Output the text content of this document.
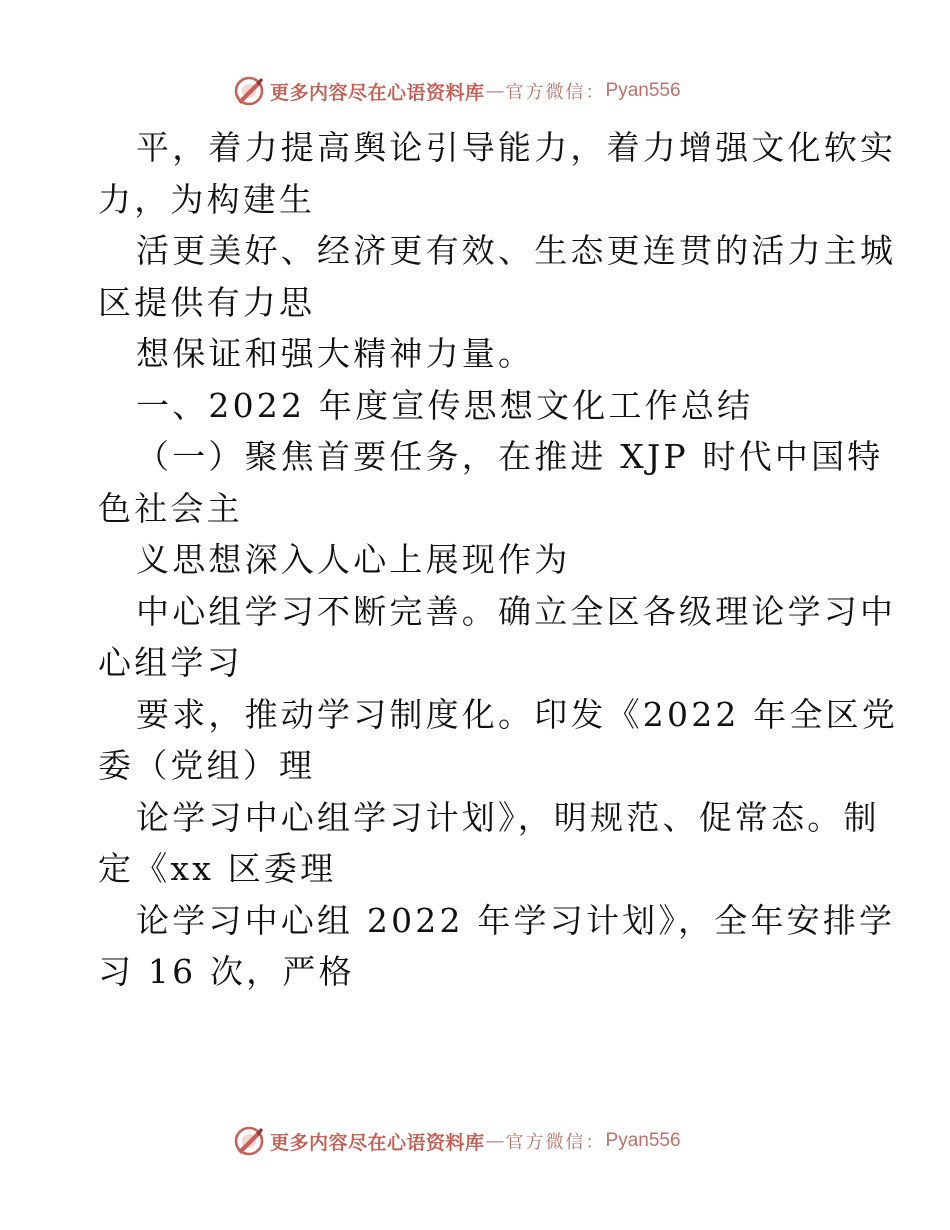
更多内容尽在心语资料库 — 官方微信： Pyan556
平，着力提高舆论引导能力，着力增强文化软实
力，为构建生
活更美好、经济更有效、生态更连贯的活力主城
区提供有力思
想保证和强大精神力量。
一、2022 年度宣传思想文化工作总结
（一）聚焦首要任务，在推进 XJP 时代中国特
色社会主
义思想深入人心上展现作为
中心组学习不断完善。确立全区各级理论学习中
心组学习
要求，推动学习制度化。印发《2022 年全区党
委（党组）理
论学习中心组学习计划》，明规范、促常态。制
定《xx 区委理
论学习中心组 2022 年学习计划》，全年安排学
习 16 次，严格
更多内容尽在心语资料库 — 官方微信： Pyan556
